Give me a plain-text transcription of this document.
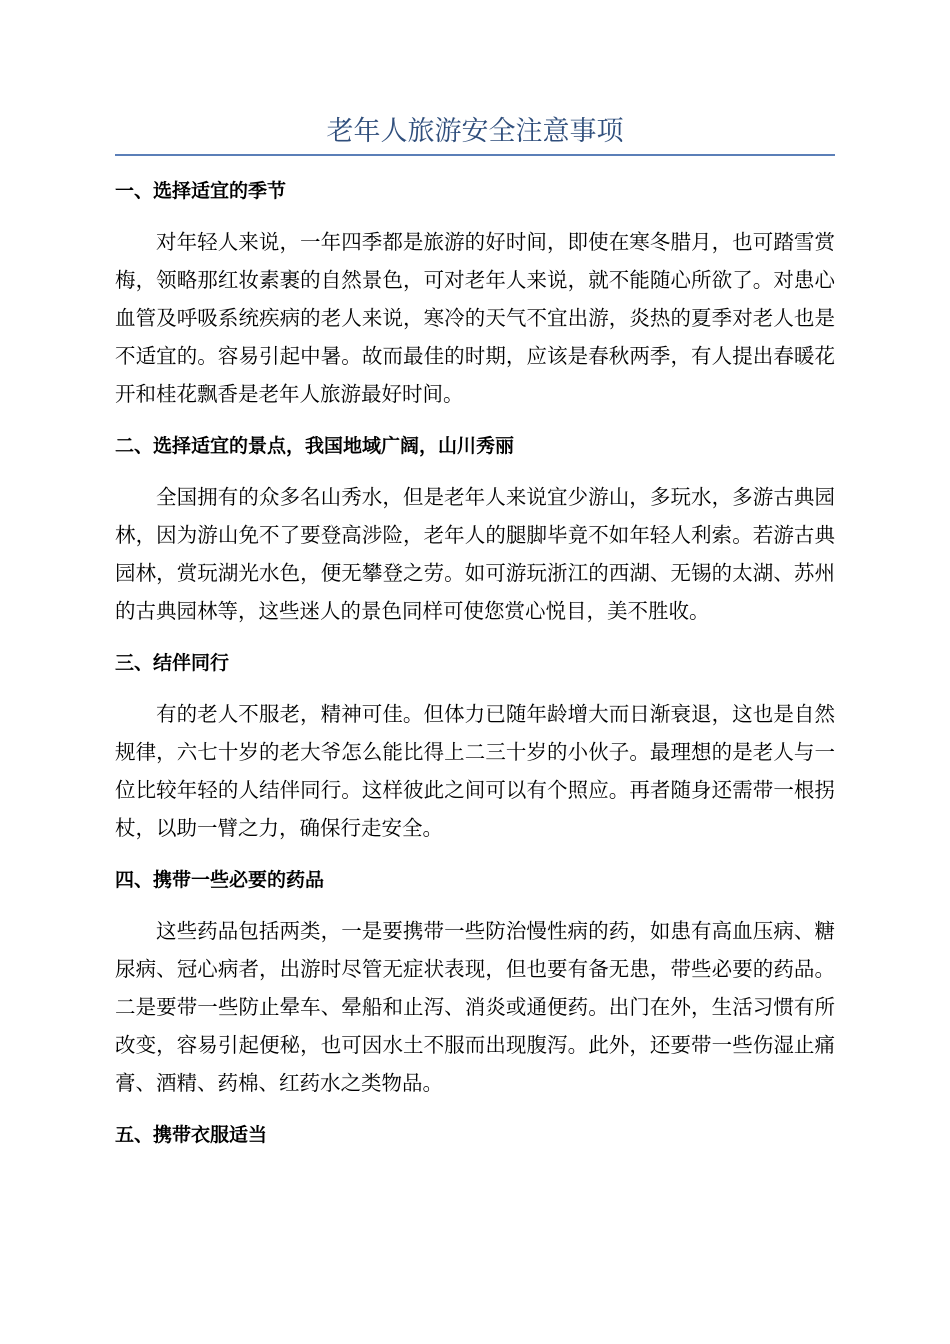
老年人旅游安全注意事项
一、选择适宜的季节

对年轻人来说，一年四季都是旅游的好时间，即使在寒冬腊月，也可踏雪赏梅，领略那红妆素裹的自然景色，可对老年人来说，就不能随心所欲了。对患心血管及呼吸系统疾病的老人来说，寒冷的天气不宜出游，炎热的夏季对老人也是不适宜的。容易引起中暑。故而最佳的时期，应该是春秋两季，有人提出春暖花开和桂花飘香是老年人旅游最好时间。

二、选择适宜的景点，我国地域广阔，山川秀丽

全国拥有的众多名山秀水，但是老年人来说宜少游山，多玩水，多游古典园林，因为游山免不了要登高涉险，老年人的腿脚毕竟不如年轻人利索。若游古典园林，赏玩湖光水色，便无攀登之劳。如可游玩浙江的西湖、无锡的太湖、苏州的古典园林等，这些迷人的景色同样可使您赏心悦目，美不胜收。

三、结伴同行

有的老人不服老，精神可佳。但体力已随年龄增大而日渐衰退，这也是自然规律，六七十岁的老大爷怎么能比得上二三十岁的小伙子。最理想的是老人与一位比较年轻的人结伴同行。这样彼此之间可以有个照应。再者随身还需带一根拐杖，以助一臂之力，确保行走安全。

四、携带一些必要的药品

这些药品包括两类，一是要携带一些防治慢性病的药，如患有高血压病、糖尿病、冠心病者，出游时尽管无症状表现，但也要有备无患，带些必要的药品。二是要带一些防止晕车、晕船和止泻、消炎或通便药。出门在外，生活习惯有所改变，容易引起便秘，也可因水土不服而出现腹泻。此外，还要带一些伤湿止痛膏、酒精、药棉、红药水之类物品。

五、携带衣服适当
